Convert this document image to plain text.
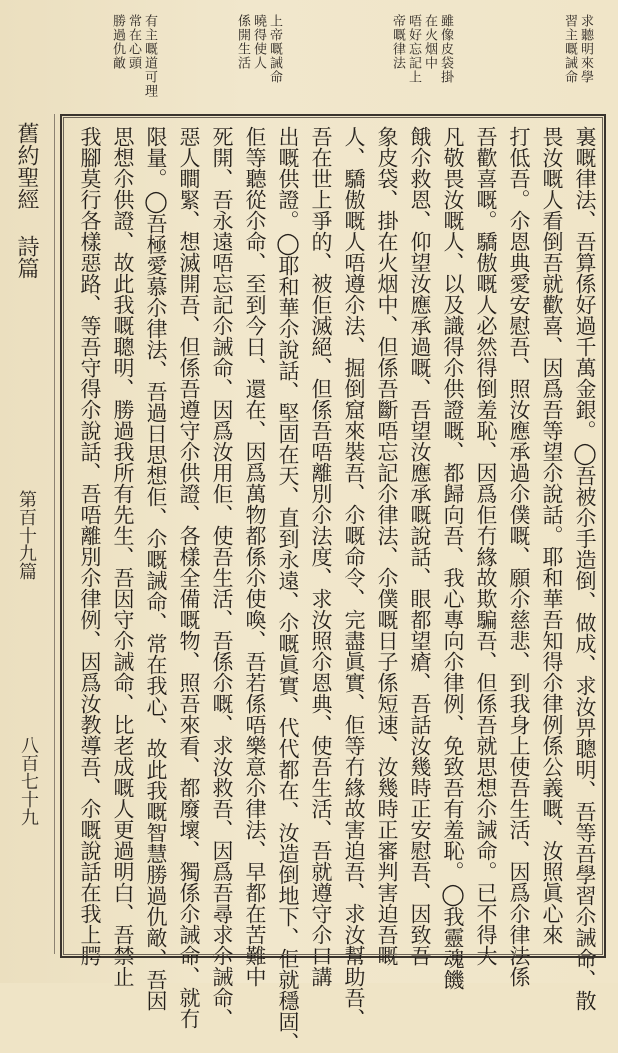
求聽明來學
習主嘅誡命
雖像皮袋掛
在火烟中
唔好忘記上
帝嘅律法
上帝嘅誡命
曉得使人
係開生活
有主嘅道可理
常在心頭
勝過仇敵
舊約聖經 詩篇
第百十九篇
八百七十九	裏嘅律法、吾算係好過千萬金銀。◯吾被尒手造倒、做成、求汝畀聰明、吾等吾學習尒誡命、散
畏汝嘅人看倒吾就歡喜、因爲吾等望尒說話。耶和華吾知得尒律例係公義嘅、汝照眞心來
打低吾。尒恩典愛安慰吾、照汝應承過尒僕嘅、願尒慈悲、到我身上使吾生活、因爲尒律法係
吾歡喜嘅。驕傲嘅人必然得倒羞恥、因爲佢冇緣故欺騙吾、但係吾就思想尒誡命。已不得大
凡敬畏汝嘅人、以及識得尒供證嘅、都歸向吾、我心專向尒律例、免致吾有羞恥。◯我靈魂饑
餓尒救恩、仰望汝應承過嘅、吾望汝應承嘅說話、眼都望瘡、吾話汝幾時正安慰吾、因致吾
象皮袋、掛在火烟中、但係吾斷唔忘記尒律法、尒僕嘅日子係短速、汝幾時正審判害迫吾嘅
人、驕傲嘅人唔遵尒法、掘倒窟來裝吾、尒嘅命令、完盡眞實、佢等冇緣故害迫吾、求汝幫助吾、
吾在世上爭的、被佢滅絕、但係吾唔離別尒法度、求汝照尒恩典、使吾生活、吾就遵守尒口講
出嘅供證。◯耶和華尒說話、堅固在天、直到永遠、尒嘅眞實、代代都在、汝造倒地下、佢就穩固、
佢等聽從尒命、至到今日、還在、因爲萬物都係尒使喚、吾若係唔樂意尒律法、早都在苦難中
死開、吾永遠唔忘記尒誡命、因爲汝用佢、使吾生活、吾係尒嘅、求汝救吾、因爲吾尋求尒誡命、
惡人瞷緊、想滅開吾、但係吾遵守尒供證、各樣全備嘅物、照吾來看、都廢壞、獨係尒誡命、就冇
限量。◯吾極愛慕尒律法、吾過日思想佢、尒嘅誡命、常在我心、故此我嘅智慧勝過仇敵、吾因
思想尒供證、故此我嘅聰明、勝過我所有先生、吾因守尒誡命、比老成嘅人更過明白、吾禁止
我腳莫行各樣惡路、等吾守得尒說話、吾唔離別尒律例、因爲汝教導吾、尒嘅說話在我上腭
